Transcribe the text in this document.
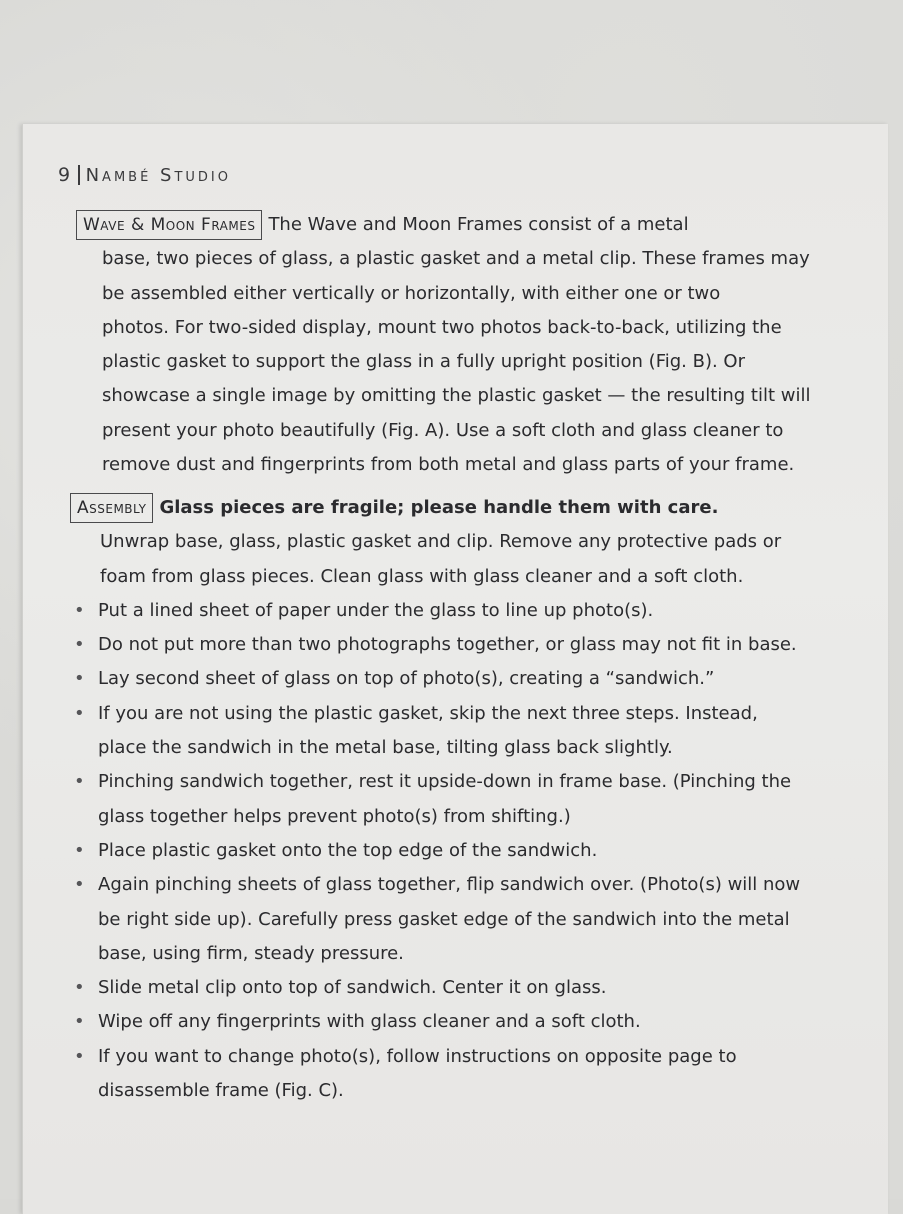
9 Nambé Studio
Wave & Moon Frames The Wave and Moon Frames consist of a metal
base, two pieces of glass, a plastic gasket and a metal clip. These frames may
be assembled either vertically or horizontally, with either one or two
photos. For two-sided display, mount two photos back-to-back, utilizing the
plastic gasket to support the glass in a fully upright position (Fig. B). Or
showcase a single image by omitting the plastic gasket — the resulting tilt will
present your photo beautifully (Fig. A). Use a soft cloth and glass cleaner to
remove dust and fingerprints from both metal and glass parts of your frame.
Assembly Glass pieces are fragile; please handle them with care.
Unwrap base, glass, plastic gasket and clip. Remove any protective pads or
foam from glass pieces. Clean glass with glass cleaner and a soft cloth.
• Put a lined sheet of paper under the glass to line up photo(s).
• Do not put more than two photographs together, or glass may not fit in base.
• Lay second sheet of glass on top of photo(s), creating a “sandwich.”
• If you are not using the plastic gasket, skip the next three steps. Instead,
place the sandwich in the metal base, tilting glass back slightly.
• Pinching sandwich together, rest it upside-down in frame base. (Pinching the
glass together helps prevent photo(s) from shifting.)
• Place plastic gasket onto the top edge of the sandwich.
• Again pinching sheets of glass together, flip sandwich over. (Photo(s) will now
be right side up). Carefully press gasket edge of the sandwich into the metal
base, using firm, steady pressure.
• Slide metal clip onto top of sandwich. Center it on glass.
• Wipe off any fingerprints with glass cleaner and a soft cloth.
• If you want to change photo(s), follow instructions on opposite page to
disassemble frame (Fig. C).
